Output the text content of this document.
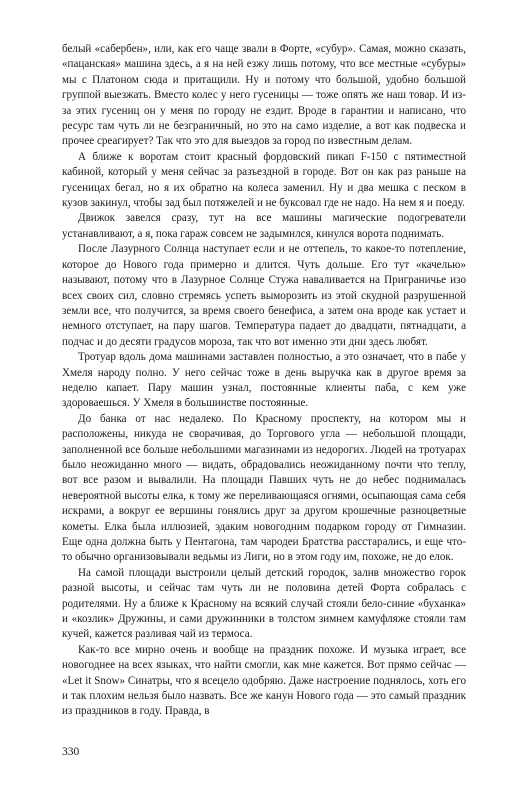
белый «сабербен», или, как его чаще звали в Форте, «субур». Самая, можно сказать, «пацанская» машина здесь, а я на ней езжу лишь потому, что все местные «субуры» мы с Платоном сюда и притащили. Ну и потому что большой, удобно большой группой выезжать. Вместо колес у него гусеницы — тоже опять же наш товар. И из-за этих гусениц он у меня по городу не ездит. Вроде в гарантии и написано, что ресурс там чуть ли не безграничный, но это на само изделие, а вот как подвеска и прочее среагирует? Так что это для выездов за город по известным делам.

А ближе к воротам стоит красный фордовский пикап F-150 с пятиместной кабиной, который у меня сейчас за разъездной в городе. Вот он как раз раньше на гусеницах бегал, но я их обратно на колеса заменил. Ну и два мешка с песком в кузов закинул, чтобы зад был потяжелей и не буксовал где не надо. На нем я и поеду.

Движок завелся сразу, тут на все машины магические подогреватели устанавливают, а я, пока гараж совсем не задымился, кинулся ворота поднимать.

После Лазурного Солнца наступает если и не оттепель, то какое-то потепление, которое до Нового года примерно и длится. Чуть дольше. Его тут «качелью» называют, потому что в Лазурное Солнце Стужа наваливается на Приграничье изо всех своих сил, словно стремясь успеть выморозить из этой скудной разрушенной земли все, что получится, за время своего бенефиса, а затем она вроде как устает и немного отступает, на пару шагов. Температура падает до двадцати, пятнадцати, а подчас и до десяти градусов мороза, так что вот именно эти дни здесь любят.

Тротуар вдоль дома машинами заставлен полностью, а это означает, что в пабе у Хмеля народу полно. У него сейчас тоже в день выручка как в другое время за неделю капает. Пару машин узнал, постоянные клиенты паба, с кем уже здороваешься. У Хмеля в большинстве постоянные.

До банка от нас недалеко. По Красному проспекту, на котором мы и расположены, никуда не сворачивая, до Торгового угла — небольшой площади, заполненной все больше небольшими магазинами из недорогих. Людей на тротуарах было неожиданно много — видать, обрадовались неожиданному почти что теплу, вот все разом и вывалили. На площади Павших чуть не до небес поднималась невероятной высоты елка, к тому же переливающаяся огнями, осыпающая сама себя искрами, а вокруг ее вершины гонялись друг за другом крошечные разноцветные кометы. Елка была иллюзией, эдаким новогодним подарком городу от Гимназии. Еще одна должна быть у Пентагона, там чародеи Братства расстарались, и еще что-то обычно организовывали ведьмы из Лиги, но в этом году им, похоже, не до елок.

На самой площади выстроили целый детский городок, залив множество горок разной высоты, и сейчас там чуть ли не половина детей Форта собралась с родителями. Ну а ближе к Красному на всякий случай стояли бело-синие «буханка» и «козлик» Дружины, и сами дружинники в толстом зимнем камуфляже стояли там кучей, кажется разливая чай из термоса.

Как-то все мирно очень и вообще на праздник похоже. И музыка играет, все новогоднее на всех языках, что найти смогли, как мне кажется. Вот прямо сейчас — «Let it Snow» Синатры, что я всецело одобряю. Даже настроение поднялось, хоть его и так плохим нельзя было назвать. Все же канун Нового года — это самый праздник из праздников в году. Правда, в

330
